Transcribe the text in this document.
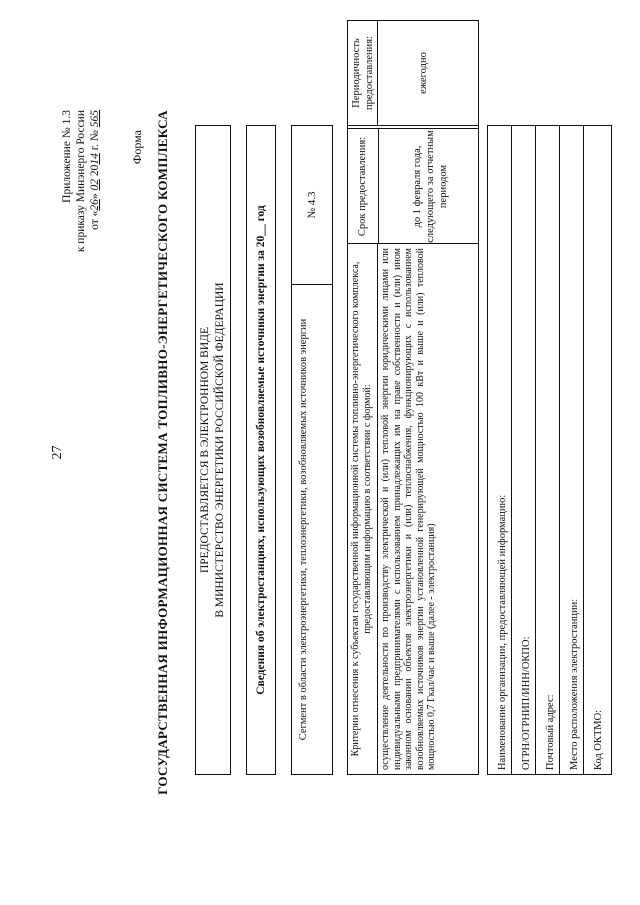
27
Приложение № 1.3 к приказу Минэнерго России от «26» 02 2014 г. № 565
Форма ГОСУДАРСТВЕННАЯ ИНФОРМАЦИОННАЯ СИСТЕМА ТОПЛИВНО-ЭНЕРГЕТИЧЕСКОГО КОМПЛЕКСА	ПРЕДОСТАВЛЯЕТСЯ В ЭЛЕКТРОННОМ ВИДЕ В МИНИСТЕРСТВО ЭНЕРГЕТИКИ РОССИЙСКОЙ ФЕДЕРАЦИИ	Сведения об электростанциях, использующих возобновляемые источники энергии за 20__ год	Сегмент в области электроэнергетики, теплоэнергетики, возобновляемых источников энергии
№ 4.3
Критерии отнесения к субъектам государственной информационной системы топливно-энергетического комплекса, предоставляющим информацию в соответствии с формой: осуществление деятельности по производству электрической и (или) тепловой энергии юридическими лицами или индивидуальными предпринимателями с использованием принадлежащих им на праве собственности и (или) ином законном основании объектов электроэнергетики и (или) теплоснабжения, функционирующих с использованием возобновляемых источников энергии установленной генерирующей мощностью 100 кВт и выше и (или) тепловой мощностью 0,7 Гкал/час и выше (далее - электростанция)
Срок предоставления:	до 1 февраля года, следующего за отчетным периодом
Периодичность предоставления:	ежегодно
Наименование организации, предоставляющей информацию:	ОГРН/ОГРНИП/ИНН/ОКПО:	Почтовый адрес:	Место расположения электростанции:	Код ОКТМО:
